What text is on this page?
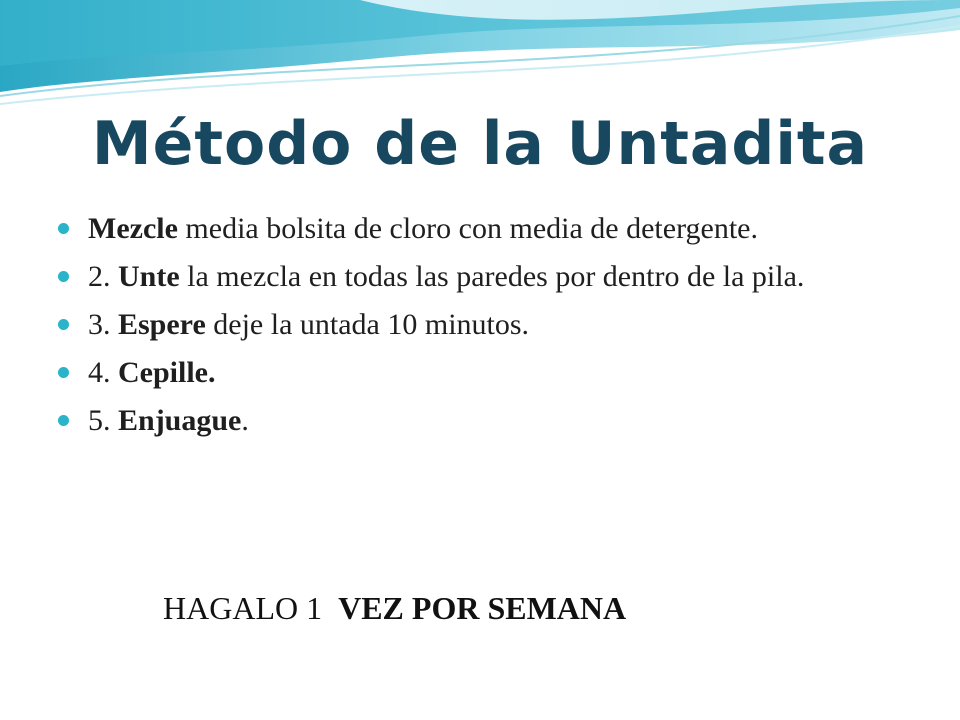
Método de la Untadita
Mezcle media bolsita de cloro con media de detergente.
2. Unte la mezcla en todas las paredes por dentro de la pila.
3. Espere deje la untada 10 minutos.
4. Cepille.
5. Enjuague.
HAGALO 1  VEZ POR SEMANA
